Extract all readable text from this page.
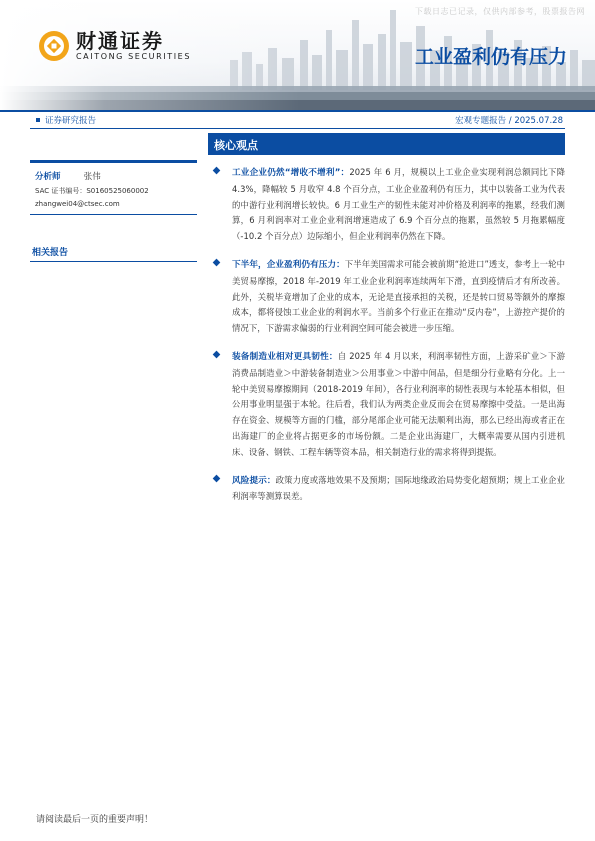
下载日志已记录，仅供内部参考，股票报告网
财通证券
CAITONG SECURITIES	工业盈利仍有压力
证券研究报告	宏观专题报告 / 2025.07.28
分析师	张伟
SAC 证书编号：S0160525060002
zhangwei04@ctsec.com
相关报告
核心观点
工业企业仍然“增收不增利”：2025 年 6 月，规模以上工业企业实现利润总额同比下降 4.3%，降幅较 5 月收窄 4.8 个百分点，工业企业盈利仍有压力，其中以装备工业为代表的中游行业利润增长较快。6 月工业生产的韧性未能对冲价格及利润率的拖累，经我们测算，6 月利润率对工业企业利润增速造成了 6.9 个百分点的拖累，虽然较 5 月拖累幅度（-10.2 个百分点）边际缩小，但企业利润率仍然在下降。
下半年，企业盈利仍有压力：下半年美国需求可能会被前期“抢进口”透支，参考上一轮中美贸易摩擦，2018 年-2019 年工业企业利润率连续两年下滑，直到疫情后才有所改善。此外，关税毕竟增加了企业的成本，无论是直接承担的关税，还是转口贸易等额外的摩擦成本，都将侵蚀工业企业的利润水平。当前多个行业正在推动“反内卷”，上游控产提价的情况下，下游需求偏弱的行业利润空间可能会被进一步压缩。
装备制造业相对更具韧性：自 2025 年 4 月以来，利润率韧性方面，上游采矿业＞下游消费品制造业＞中游装备制造业＞公用事业＞中游中间品，但是细分行业略有分化。上一轮中美贸易摩擦期间（2018-2019 年间），各行业利润率的韧性表现与本轮基本相似，但公用事业明显强于本轮。往后看，我们认为两类企业反而会在贸易摩擦中受益。一是出海存在资金、规模等方面的门槛，部分尾部企业可能无法顺利出海，那么已经出海或者正在出海建厂的企业将占据更多的市场份额。二是企业出海建厂，大概率需要从国内引进机床、设备、钢铁、工程车辆等资本品，相关制造行业的需求将得到提振。
风险提示：政策力度或落地效果不及预期；国际地缘政治局势变化超预期；规上工业企业利润率等测算误差。
请阅读最后一页的重要声明！
